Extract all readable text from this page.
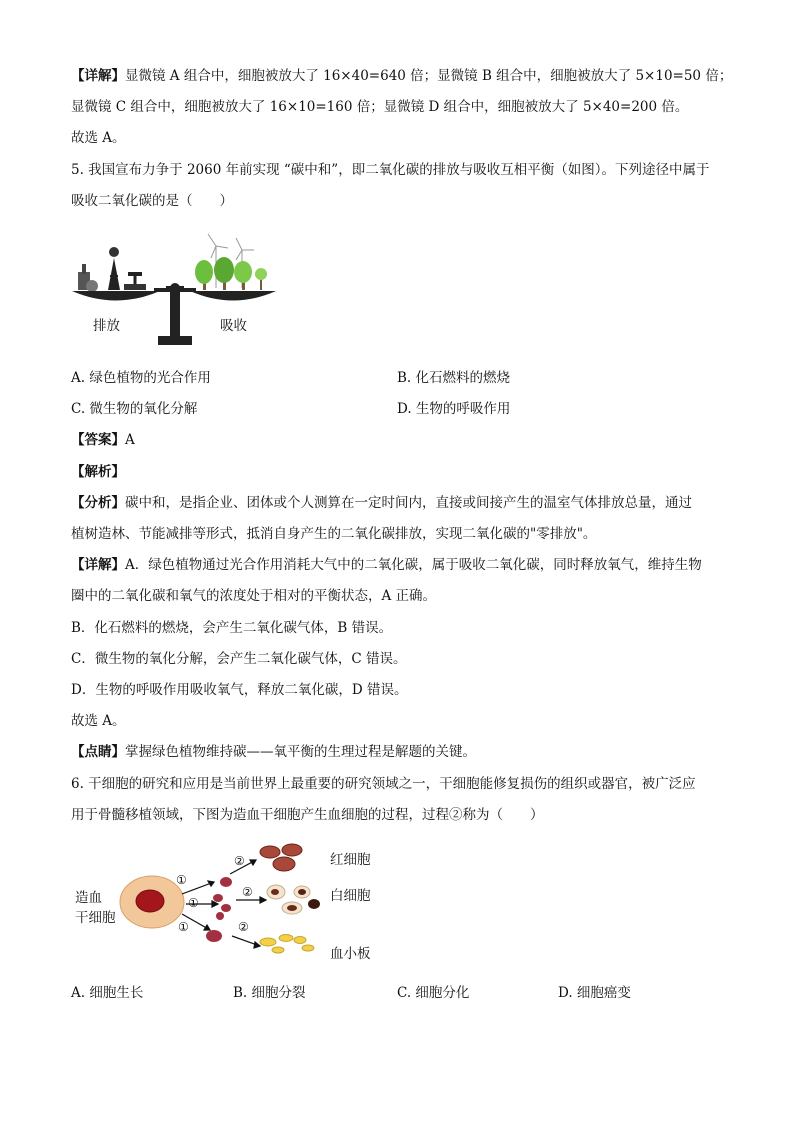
【详解】显微镜 A 组合中，细胞被放大了 16×40=640 倍；显微镜 B 组合中，细胞被放大了 5×10=50 倍；
显微镜 C 组合中，细胞被放大了 16×10=160 倍；显微镜 D 组合中，细胞被放大了 5×40=200 倍。
故选 A。
5. 我国宣布力争于 2060 年前实现 “碳中和”，即二氧化碳的排放与吸收互相平衡（如图）。下列途径中属于
吸收二氧化碳的是（　　）
排放	吸收
A. 绿色植物的光合作用	B. 化石燃料的燃烧
C. 微生物的氧化分解	D. 生物的呼吸作用
【答案】A
【解析】
【分析】碳中和，是指企业、团体或个人测算在一定时间内，直接或间接产生的温室气体排放总量，通过
植树造林、节能减排等形式，抵消自身产生的二氧化碳排放，实现二氧化碳的"零排放"。
【详解】A．绿色植物通过光合作用消耗大气中的二氧化碳，属于吸收二氧化碳，同时释放氧气，维持生物
圈中的二氧化碳和氧气的浓度处于相对的平衡状态，A 正确。
B．化石燃料的燃烧，会产生二氧化碳气体，B 错误。
C．微生物的氧化分解，会产生二氧化碳气体，C 错误。
D．生物的呼吸作用吸收氧气，释放二氧化碳，D 错误。
故选 A。
【点睛】掌握绿色植物维持碳——氧平衡的生理过程是解题的关键。
6. 干细胞的研究和应用是当前世界上最重要的研究领域之一，干细胞能修复损伤的组织或器官，被广泛应
用于骨髓移植领域，下图为造血干细胞产生血细胞的过程，过程②称为（　　）
造血
干细胞
①
①
①
②
②
②
红细胞
白细胞
血小板
A. 细胞生长	B. 细胞分裂	C. 细胞分化	D. 细胞癌变
